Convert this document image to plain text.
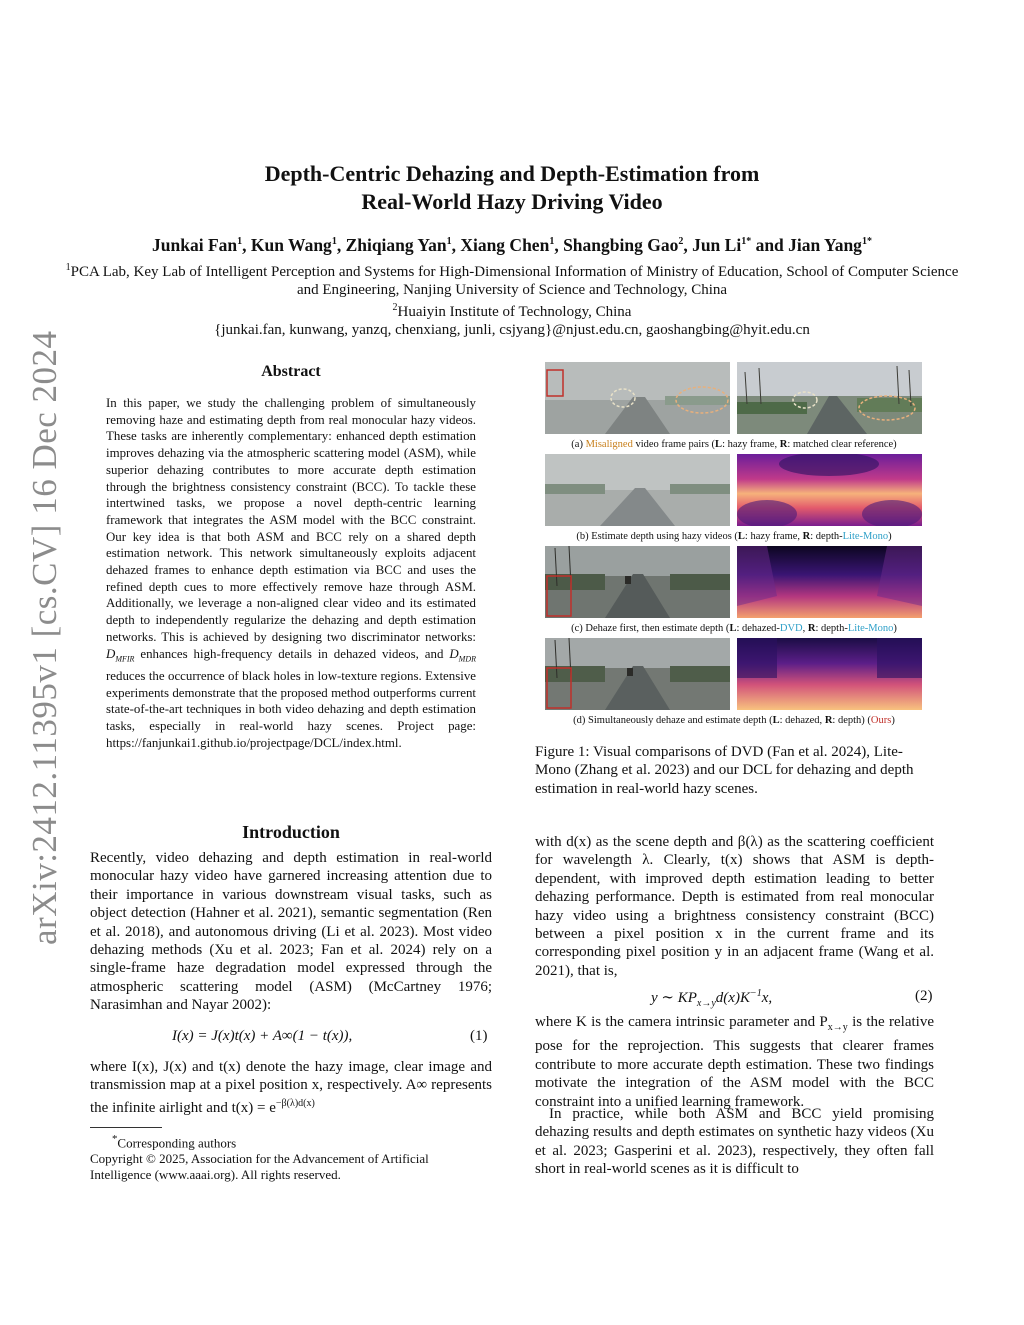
arXiv:2412.11395v1 [cs.CV] 16 Dec 2024
Depth-Centric Dehazing and Depth-Estimation from
Real-World Hazy Driving Video
Junkai Fan$^1$, Kun Wang$^1$, Zhiqiang Yan$^1$, Xiang Chen$^1$, Shangbing Gao$^2$, Jun $Li^{1*}$ and Jian Yang$^{1*}$
$^1$PCA Lab, Key Lab of Intelligent Perception and Systems for High-Dimensional Information of Ministry of Education, School of Computer Science and Engineering, Nanjing University of Science and Technology, China
$^2$Huaiyin Institute of Technology, China
{junkai.fan, kunwang, yanzq, chenxiang, junli, csjyang}@njust.edu.cn, gaoshangbing@hyit.edu.cn
Abstract
In this paper, we study the challenging problem of simultaneously removing haze and estimating depth from real monocular hazy videos. These tasks are inherently complementary: enhanced depth estimation improves dehazing via the atmospheric scattering model (ASM), while superior dehazing contributes to more accurate depth estimation through the brightness consistency constraint (BCC). To tackle these intertwined tasks, we propose a novel depth-centric learning framework that integrates the ASM model with the BCC constraint. Our key idea is that both ASM and BCC rely on a shared depth estimation network. This network simultaneously exploits adjacent dehazed frames to enhance depth estimation via BCC and uses the refined depth cues to more effectively remove haze through ASM. Additionally, we leverage a non-aligned clear video and its estimated depth to independently regularize the dehazing and depth estimation networks. This is achieved by designing two discriminator networks: $D_{MFIR}$ enhances high-frequency details in dehazed videos, and $D_{MDR}$ reduces the occurrence of black holes in low-texture regions. Extensive experiments demonstrate that the proposed method outperforms current state-of-the-art techniques in both video dehazing and depth estimation tasks, especially in real-world hazy scenes. Project page: https://fanjunkai1.github.io/projectpage/DCL/index.html.
Introduction
Recently, video dehazing and depth estimation in real-world monocular hazy video have garnered increasing attention due to their importance in various downstream visual tasks, such as object detection (Hahner et al. 2021), semantic segmentation (Ren et al. 2018), and autonomous driving (Li et al. 2023). Most video dehazing methods (Xu et al. 2023; Fan et al. 2024) rely on a single-frame haze degradation model expressed through the atmospheric scattering model (ASM) (McCartney 1976; Narasimhan and Nayar 2002):
I(x) = J(x)t(x) + A∞(1 − t(x)),	(1)
where I(x), J(x) and t(x) denote the hazy image, clear image and transmission map at a pixel position x, respectively. A∞ represents the infinite airlight and $t(x) = e^{-\beta(\lambda)d(x)}$
*Corresponding authors
Copyright © 2025, Association for the Advancement of Artificial Intelligence (www.aaai.org). All rights reserved.
(a) Misaligned video frame pairs (L: hazy frame, R: matched clear reference)
(b) Estimate depth using hazy videos (L: hazy frame, R: depth-Lite-Mono)
(c) Dehaze first, then estimate depth (L: dehazed-DVD, R: depth-Lite-Mono)
(d) Simultaneously dehaze and estimate depth (L: dehazed, R: depth) (Ours)
Figure 1: Visual comparisons of DVD (Fan et al. 2024), Lite-Mono (Zhang et al. 2023) and our DCL for dehazing and depth estimation in real-world hazy scenes.
with d(x) as the scene depth and β(λ) as the scattering coefficient for wavelength λ. Clearly, t(x) shows that ASM is depth-dependent, with improved depth estimation leading to better dehazing performance. Depth is estimated from real monocular hazy video using a brightness consistency constraint (BCC) between a pixel position x in the current frame and its corresponding pixel position y in an adjacent frame (Wang et al. 2021), that is,
y ∼ $KP_{x\to y}d(x)K^{-1}x$,	(2)
where K is the camera intrinsic parameter and $P_{x\to y}$ is the relative pose for the reprojection. This suggests that clearer frames contribute to more accurate depth estimation. These two findings motivate the integration of the ASM model with the BCC constraint into a unified learning framework.
In practice, while both ASM and BCC yield promising dehazing results and depth estimates on synthetic hazy videos (Xu et al. 2023; Gasperini et al. 2023), respectively, they often fall short in real-world scenes as it is difficult to
